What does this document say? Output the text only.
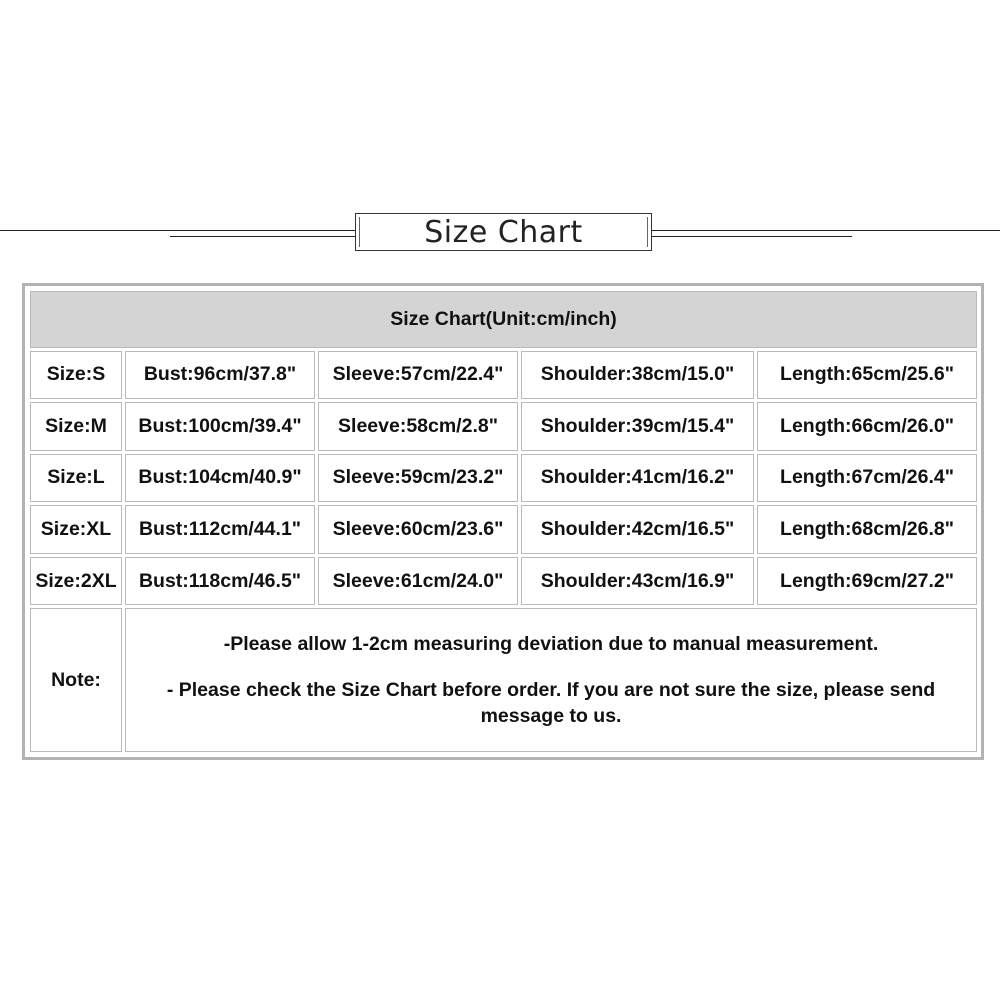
Size Chart
Size Chart(Unit:cm/inch)				
Size:S	Bust:96cm/37.8"	Sleeve:57cm/22.4"	Shoulder:38cm/15.0"	Length:65cm/25.6"
Size:M	Bust:100cm/39.4"	Sleeve:58cm/2.8"	Shoulder:39cm/15.4"	Length:66cm/26.0"
Size:L	Bust:104cm/40.9"	Sleeve:59cm/23.2"	Shoulder:41cm/16.2"	Length:67cm/26.4"
Size:XL	Bust:112cm/44.1"	Sleeve:60cm/23.6"	Shoulder:42cm/16.5"	Length:68cm/26.8"
Size:2XL	Bust:118cm/46.5"	Sleeve:61cm/24.0"	Shoulder:43cm/16.9"	Length:69cm/27.2"
Note:	-Please allow 1-2cm measuring deviation due to manual measurement.
- Please check the Size Chart before order. If you are not sure the size, please send message to us.			
